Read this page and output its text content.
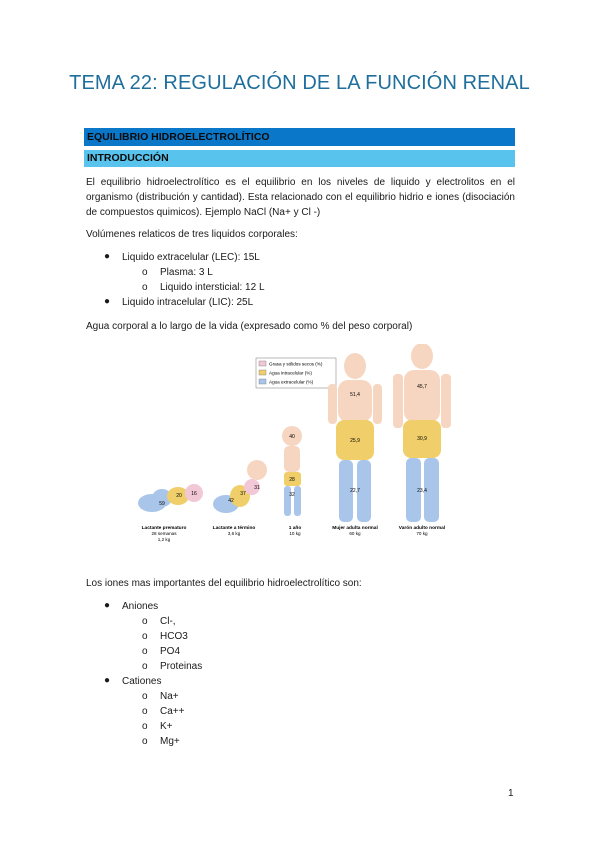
TEMA 22: REGULACIÓN DE LA FUNCIÓN RENAL
EQUILIBRIO HIDROELECTROLÍTICO
INTRODUCCIÓN
El equilibrio hidroelectrolítico es el equilibrio en los niveles de liquido y electrolitos en el organismo (distribución y cantidad). Esta relacionado con el equilibrio hidrio e iones (disociación de compuestos quimicos). Ejemplo NaCl (Na+ y Cl -)
Volúmenes relaticos de tres liquidos corporales:
● Liquido extracelular (LEC): 15L
o Plasma: 3 L
o Liquido intersticial: 12 L
● Liquido intracelular (LIC): 25L
Agua corporal a lo largo de la vida (expresado como % del peso corporal)
Grasa y sólidos secos (%)
Agua intracelular (%)
Agua extracelular (%)
59
20 16
42
37
31
40
28
32
51,4
25,9
22,7
45,7
30,9
23,4
Lactante prematuro
28 semanas
1,2 kg
Lactante a término
3,6 kg
1 año
10 kg
Mujer adulta normal
60 kg
Varón adulto normal
70 kg
Los iones mas importantes del equilibrio hidroelectrolítico son:
● Aniones
o Cl-,
o HCO3
o PO4
o Proteinas
● Cationes
o Na+
o Ca++
o K+
o Mg+
1
